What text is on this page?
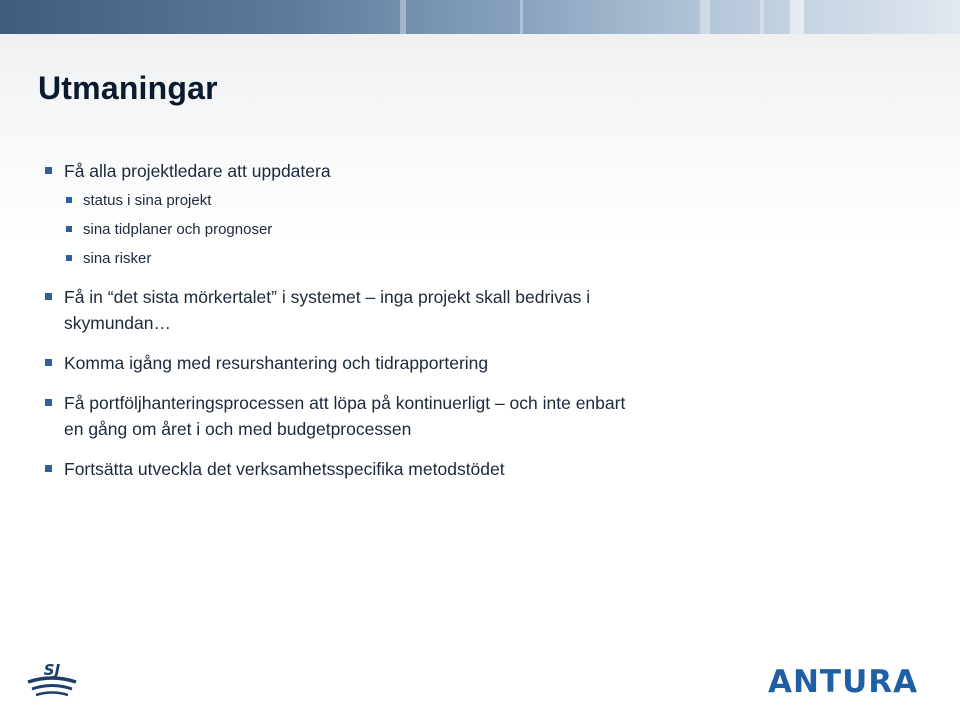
Utmaningar
Få alla projektledare att uppdatera
status i sina projekt
sina tidplaner och prognoser
sina risker
Få in “det sista mörkertalet” i systemet – inga projekt skall bedrivas i
skymundan…
Komma igång med resurshantering och tidrapportering
Få portföljhanteringsprocessen att löpa på kontinuerligt – och inte enbart
en gång om året i och med budgetprocessen
Fortsätta utveckla det verksamhetsspecifika metodstödet
SJ	ANTURA
